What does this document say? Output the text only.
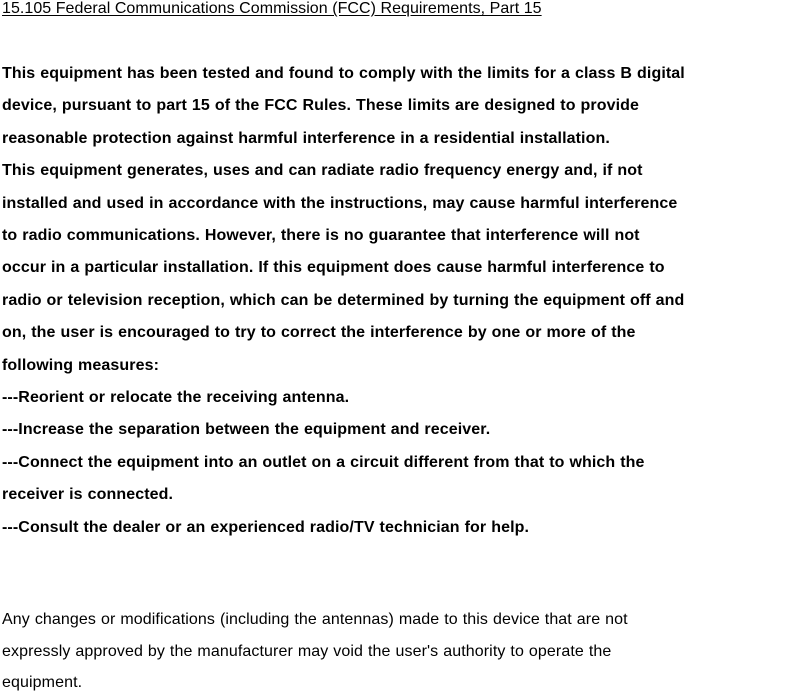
15.105 Federal Communications Commission (FCC) Requirements, Part 15

This equipment has been tested and found to comply with the limits for a class B digital
device, pursuant to part 15 of the FCC Rules. These limits are designed to provide
reasonable protection against harmful interference in a residential installation.
This equipment generates, uses and can radiate radio frequency energy and, if not
installed and used in accordance with the instructions, may cause harmful interference
to radio communications. However, there is no guarantee that interference will not
occur in a particular installation. If this equipment does cause harmful interference to
radio or television reception, which can be determined by turning the equipment off and
on, the user is encouraged to try to correct the interference by one or more of the
following measures:
---Reorient or relocate the receiving antenna.
---Increase the separation between the equipment and receiver.
---Connect the equipment into an outlet on a circuit different from that to which the
receiver is connected.
---Consult the dealer or an experienced radio/TV technician for help.
Any changes or modifications (including the antennas) made to this device that are not
expressly approved by the manufacturer may void the user's authority to operate the
equipment.
